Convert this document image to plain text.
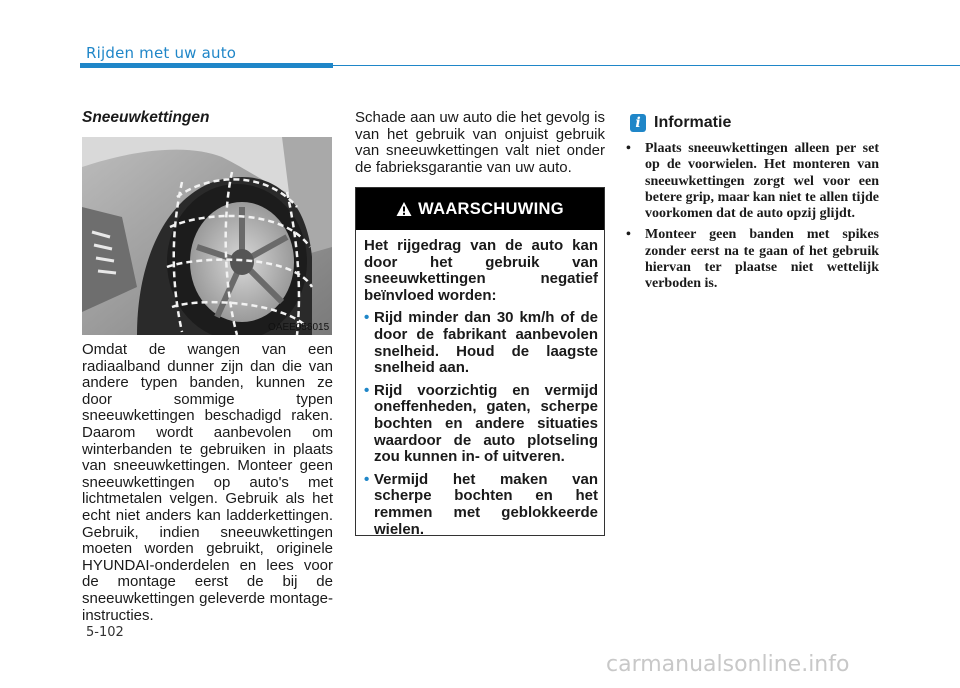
Rijden met uw auto
Sneeuwkettingen
OAEE056015
Omdat de wangen van een radiaalband dunner zijn dan die van andere typen banden, kunnen ze door sommige typen sneeuwkettingen beschadigd raken. Daarom wordt aanbevolen om winterbanden te gebruiken in plaats van sneeuwkettingen. Monteer geen sneeuwkettingen op auto's met lichtmetalen velgen. Gebruik als het echt niet anders kan ladderkettingen. Gebruik, indien sneeuwkettingen moeten worden gebruikt, originele HYUNDAI-onderdelen en lees voor de montage eerst de bij de sneeuwkettingen geleverde montage-instructies.
Schade aan uw auto die het gevolg is van het gebruik van onjuist gebruik van sneeuwkettingen valt niet onder de fabrieksgarantie van uw auto.
WAARSCHUWING

Het rijgedrag van de auto kan door het gebruik van sneeuwkettingen negatief beïnvloed worden:

• Rijd minder dan 30 km/h of de door de fabrikant aanbevolen snelheid. Houd de laagste snelheid aan.
• Rijd voorzichtig en vermijd oneffenheden, gaten, scherpe bochten en andere situaties waardoor de auto plotseling zou kunnen in- of uitveren.
• Vermijd het maken van scherpe bochten en het remmen met geblokkeerde wielen.
i Informatie
• Plaats sneeuwkettingen alleen per set op de voorwielen. Het monteren van sneeuwkettingen zorgt wel voor een betere grip, maar kan niet te allen tijde voorkomen dat de auto opzij glijdt.
• Monteer geen banden met spikes zonder eerst na te gaan of het gebruik hiervan ter plaatse niet wettelijk verboden is.
5-102
carmanualsonline.info
